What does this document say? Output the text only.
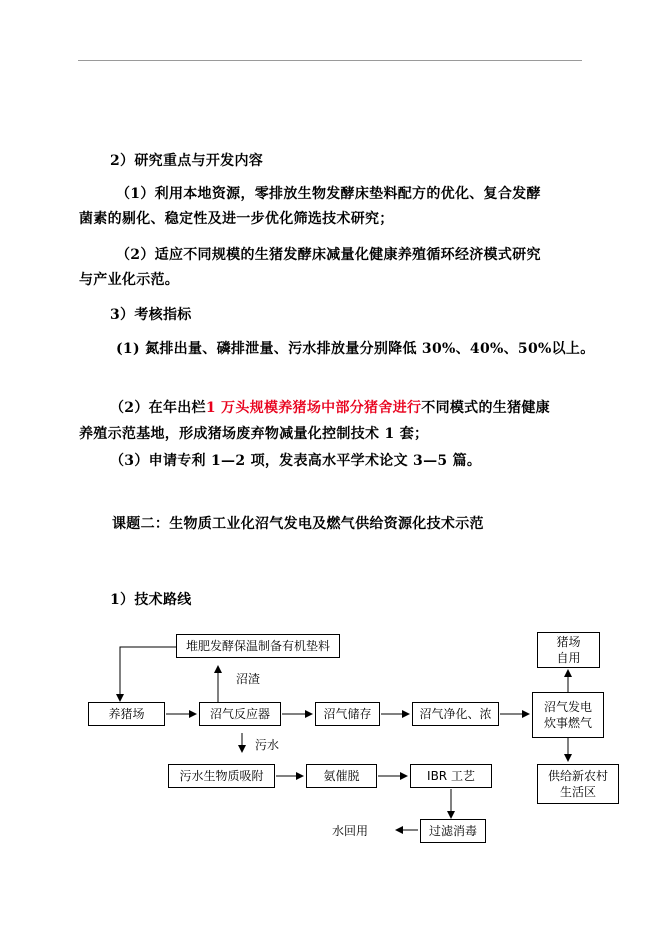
2）研究重点与开发内容
（1）利用本地资源，零排放生物发酵床垫料配方的优化、复合发酵
菌素的剔化、稳定性及进一步优化筛选技术研究；
（2）适应不同规模的生猪发酵床减量化健康养殖循环经济模式研究
与产业化示范。
3）考核指标
(1) 氮排出量、磷排泄量、污水排放量分别降低 30%、40%、50%以上。
（2）在年出栏1 万头规模养猪场中部分猪舍进行不同模式的生猪健康
养殖示范基地，形成猪场废弃物减量化控制技术 1 套；
（3）申请专利 1—2 项，发表高水平学术论文 3—5 篇。
课题二：生物质工业化沼气发电及燃气供给资源化技术示范
1）技术路线
堆肥发酵保温制备有机垫料	猪场
自用
养猪场	沼气反应器	沼气储存	沼气净化、浓	沼气发电
炊事燃气
污水生物质吸附	氨催脱	IBR 工艺	供给新农村
生活区
过滤消毒
沼渣
污水
水回用
